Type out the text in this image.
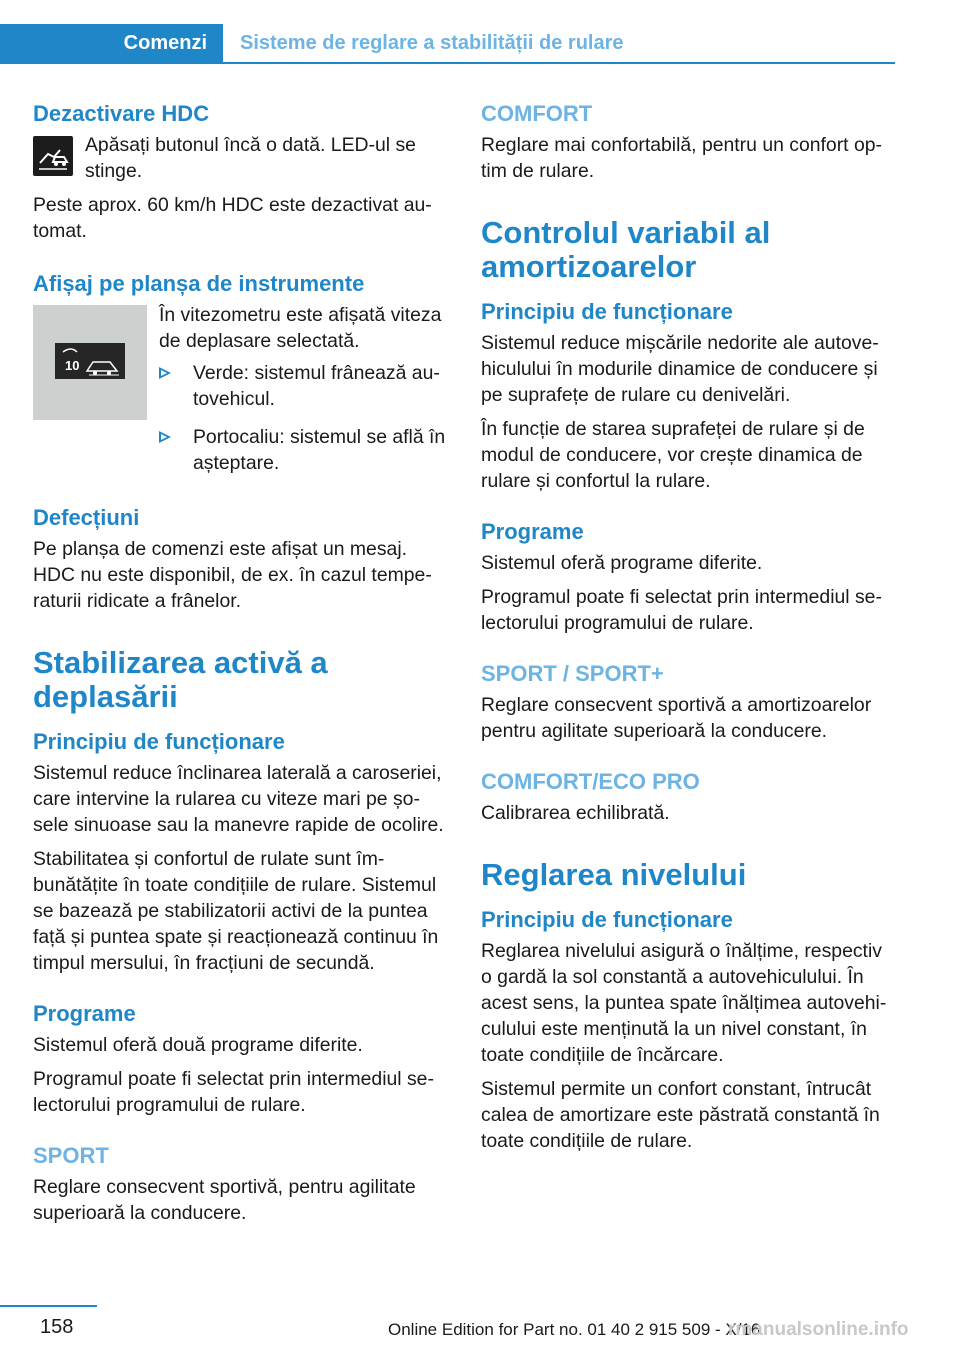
Comenzi	Sisteme de reglare a stabilității de rulare
Dezactivare HDC
Apăsați butonul încă o dată. LED-ul se stinge.
Peste aprox. 60 km/h HDC este dezactivat au-tomat.
Afișaj pe planșa de instrumente
10
În vitezometru este afișată viteza de deplasare selectată.
Verde: sistemul frânează au-tovehicul.
Portocaliu: sistemul se află în așteptare.
Defecțiuni
Pe planșa de comenzi este afișat un mesaj. HDC nu este disponibil, de ex. în cazul tempe-raturii ridicate a frânelor.
Stabilizarea activă a deplasării
Principiu de funcționare
Sistemul reduce înclinarea laterală a caroseriei, care intervine la rularea cu viteze mari pe șo-sele sinuoase sau la manevre rapide de ocolire.
Stabilitatea și confortul de rulate sunt îm-bunătățite în toate condițiile de rulare. Sistemul se bazează pe stabilizatorii activi de la puntea față și puntea spate și reacționează continuu în timpul mersului, în fracțiuni de secundă.
Programe
Sistemul oferă două programe diferite.
Programul poate fi selectat prin intermediul se-lectorului programului de rulare.
SPORT
Reglare consecvent sportivă, pentru agilitate superioară la conducere.
COMFORT
Reglare mai confortabilă, pentru un confort op-tim de rulare.
Controlul variabil al amortizoarelor
Principiu de funcționare
Sistemul reduce mișcările nedorite ale autove-hiculului în modurile dinamice de conducere și pe suprafețe de rulare cu denivelări.
În funcție de starea suprafeței de rulare și de modul de conducere, vor crește dinamica de rulare și confortul la rulare.
Programe
Sistemul oferă programe diferite.
Programul poate fi selectat prin intermediul se-lectorului programului de rulare.
SPORT / SPORT+
Reglare consecvent sportivă a amortizoarelor pentru agilitate superioară la conducere.
COMFORT/ECO PRO
Calibrarea echilibrată.
Reglarea nivelului
Principiu de funcționare
Reglarea nivelului asigură o înălțime, respectiv o gardă la sol constantă a autovehiculului. În acest sens, la puntea spate înălțimea autovehi-culului este menținută la un nivel constant, în toate condițiile de încărcare.
Sistemul permite un confort constant, întrucât calea de amortizare este păstrată constantă în toate condițiile de rulare.
158	Online Edition for Part no. 01 40 2 915 509 - X/16
rmanualsonline.info
